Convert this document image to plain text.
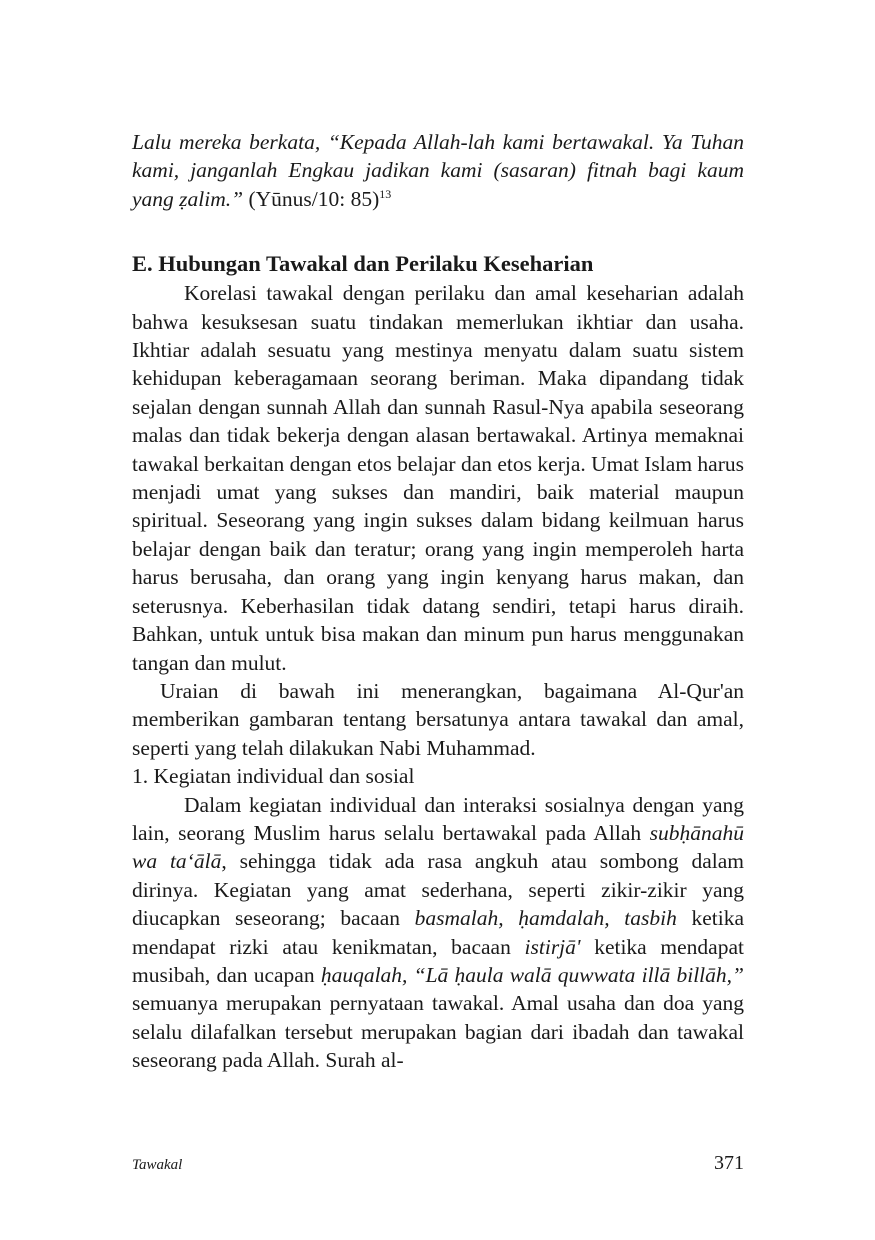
Lalu mereka berkata, “Kepada Allah-lah kami bertawakal. Ya Tuhan kami, janganlah Engkau jadikan kami (sasaran) fitnah bagi kaum yang ẓalim.” (Yūnus/10: 85)$^{13}$

E. Hubungan Tawakal dan Perilaku Keseharian

Korelasi tawakal dengan perilaku dan amal keseharian adalah bahwa kesuksesan suatu tindakan memerlukan ikhtiar dan usaha. Ikhtiar adalah sesuatu yang mestinya menyatu dalam suatu sistem kehidupan keberagamaan seorang beriman. Maka dipandang tidak sejalan dengan sunnah Allah dan sunnah Rasul-Nya apabila seseorang malas dan tidak bekerja dengan alasan bertawakal. Artinya memaknai tawakal berkaitan dengan etos belajar dan etos kerja. Umat Islam harus menjadi umat yang sukses dan mandiri, baik material maupun spiritual. Seseorang yang ingin sukses dalam bidang keilmuan harus belajar dengan baik dan teratur; orang yang ingin memperoleh harta harus berusaha, dan orang yang ingin kenyang harus makan, dan seterusnya. Keberhasilan tidak datang sendiri, tetapi harus diraih. Bahkan, untuk untuk bisa makan dan minum pun harus menggunakan tangan dan mulut.

Uraian di bawah ini menerangkan, bagaimana Al-Qur'an memberikan gambaran tentang bersatunya antara tawakal dan amal, seperti yang telah dilakukan Nabi Muhammad.

1. Kegiatan individual dan sosial

Dalam kegiatan individual dan interaksi sosialnya dengan yang lain, seorang Muslim harus selalu bertawakal pada Allah subḥānahū wa ta‘ālā, sehingga tidak ada rasa angkuh atau sombong dalam dirinya. Kegiatan yang amat sederhana, seperti zikir-zikir yang diucapkan seseorang; bacaan basmalah, ḥamdalah, tasbih ketika mendapat rizki atau kenikmatan, bacaan istirjā' ketika mendapat musibah, dan ucapan ḥauqalah, “Lā ḥaula walā quwwata illā billāh,” semuanya merupakan pernyataan tawakal. Amal usaha dan doa yang selalu dilafalkan tersebut merupakan bagian dari ibadah dan tawakal seseorang pada Allah. Surah al-

Tawakal	371
